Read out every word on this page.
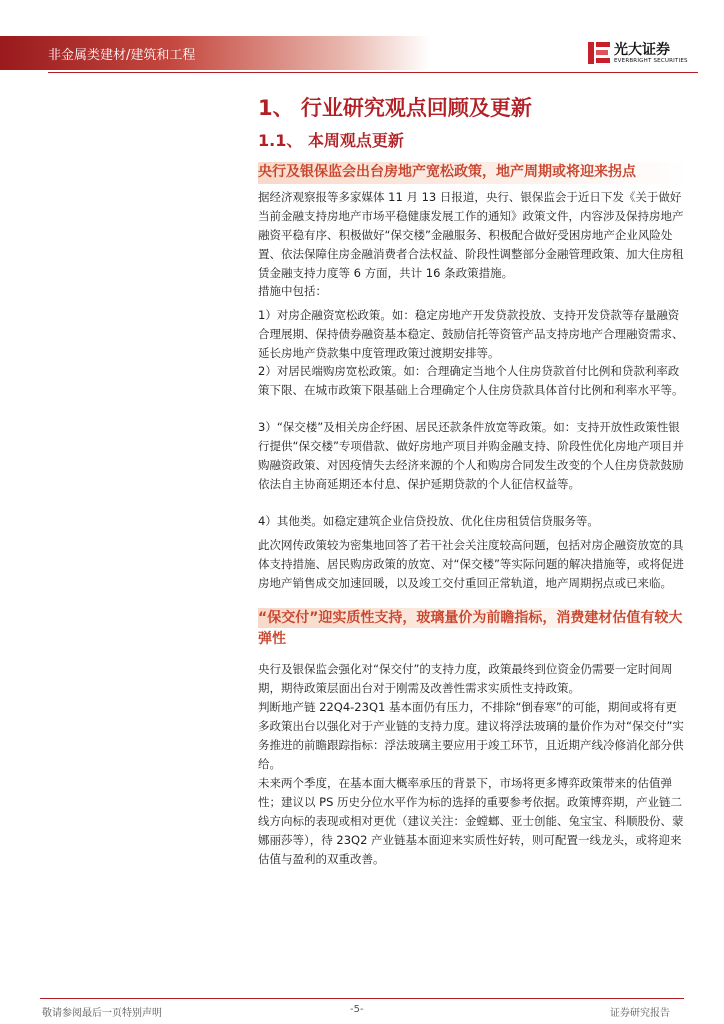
非金属类建材/建筑和工程	光大证券
EVERBRIGHT SECURITIES
1、 行业研究观点回顾及更新
1.1、 本周观点更新
央行及银保监会出台房地产宽松政策，地产周期或将迎来拐点

据经济观察报等多家媒体 11 月 13 日报道，央行、银保监会于近日下发《关于做好当前金融支持房地产市场平稳健康发展工作的通知》政策文件，内容涉及保持房地产融资平稳有序、积极做好“保交楼”金融服务、积极配合做好受困房地产企业风险处置、依法保障住房金融消费者合法权益、阶段性调整部分金融管理政策、加大住房租赁金融支持力度等 6 方面，共计 16 条政策措施。

措施中包括：

1）对房企融资宽松政策。如：稳定房地产开发贷款投放、支持开发贷款等存量融资合理展期、保持债券融资基本稳定、鼓励信托等资管产品支持房地产合理融资需求、延长房地产贷款集中度管理政策过渡期安排等。

2）对居民端购房宽松政策。如：合理确定当地个人住房贷款首付比例和贷款利率政策下限、在城市政策下限基础上合理确定个人住房贷款具体首付比例和利率水平等。

3）“保交楼”及相关房企纾困、居民还款条件放宽等政策。如：支持开放性政策性银行提供“保交楼”专项借款、做好房地产项目并购金融支持、阶段性优化房地产项目并购融资政策、对因疫情失去经济来源的个人和购房合同发生改变的个人住房贷款鼓励依法自主协商延期还本付息、保护延期贷款的个人征信权益等。

4）其他类。如稳定建筑企业信贷投放、优化住房租赁信贷服务等。

此次网传政策较为密集地回答了若干社会关注度较高问题，包括对房企融资放宽的具体支持措施、居民购房政策的放宽、对“保交楼”等实际问题的解决措施等，或将促进房地产销售成交加速回暖，以及竣工交付重回正常轨道，地产周期拐点或已来临。

“保交付”迎实质性支持，玻璃量价为前瞻指标，消费建材估值有较大弹性

央行及银保监会强化对“保交付”的支持力度，政策最终到位资金仍需要一定时间周期，期待政策层面出台对于刚需及改善性需求实质性支持政策。

判断地产链 22Q4-23Q1 基本面仍有压力，不排除“倒春寒”的可能，期间或将有更多政策出台以强化对于产业链的支持力度。建议将浮法玻璃的量价作为对“保交付”实务推进的前瞻跟踪指标：浮法玻璃主要应用于竣工环节，且近期产线冷修消化部分供给。

未来两个季度，在基本面大概率承压的背景下，市场将更多博弈政策带来的估值弹性；建议以 PS 历史分位水平作为标的选择的重要参考依据。政策博弈期，产业链二线方向标的表现或相对更优（建议关注：金螳螂、亚士创能、兔宝宝、科顺股份、蒙娜丽莎等），待 23Q2 产业链基本面迎来实质性好转，则可配置一线龙头，或将迎来估值与盈利的双重改善。

敬请参阅最后一页特别声明	-5-	证券研究报告
